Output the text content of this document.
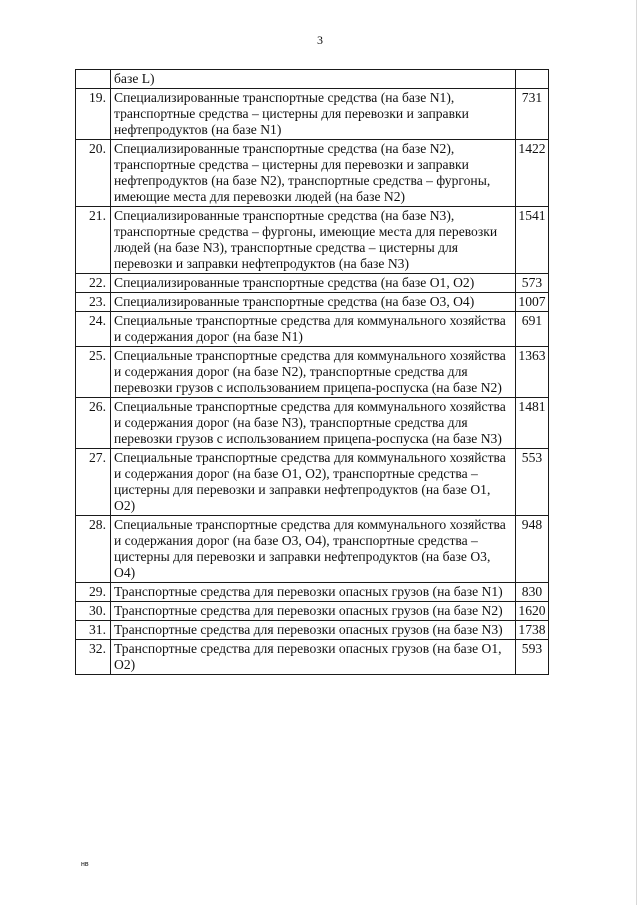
3
	базе L)	
19.	Специализированные транспортные средства (на базе N1), транспортные средства – цистерны для перевозки и заправки нефтепродуктов (на базе N1)	731
20.	Специализированные транспортные средства (на базе N2), транспортные средства – цистерны для перевозки и заправки нефтепродуктов (на базе N2), транспортные средства – фургоны, имеющие места для перевозки людей (на базе N2)	1422
21.	Специализированные транспортные средства (на базе N3), транспортные средства – фургоны, имеющие места для перевозки людей (на базе N3), транспортные средства – цистерны для перевозки и заправки нефтепродуктов (на базе N3)	1541
22.	Специализированные транспортные средства (на базе O1, O2)	573
23.	Специализированные транспортные средства (на базе O3, O4)	1007
24.	Специальные транспортные средства для коммунального хозяйства и содержания дорог (на базе N1)	691
25.	Специальные транспортные средства для коммунального хозяйства и содержания дорог (на базе N2), транспортные средства для перевозки грузов с использованием прицепа-роспуска (на базе N2)	1363
26.	Специальные транспортные средства для коммунального хозяйства и содержания дорог (на базе N3), транспортные средства для перевозки грузов с использованием прицепа-роспуска (на базе N3)	1481
27.	Специальные транспортные средства для коммунального хозяйства и содержания дорог (на базе O1, O2), транспортные средства – цистерны для перевозки и заправки нефтепродуктов (на базе O1, O2)	553
28.	Специальные транспортные средства для коммунального хозяйства и содержания дорог (на базе O3, O4), транспортные средства – цистерны для перевозки и заправки нефтепродуктов (на базе O3, O4)	948
29.	Транспортные средства для перевозки опасных грузов (на базе N1)	830
30.	Транспортные средства для перевозки опасных грузов (на базе N2)	1620
31.	Транспортные средства для перевозки опасных грузов (на базе N3)	1738
32.	Транспортные средства для перевозки опасных грузов (на базе O1, O2)	593
нв
